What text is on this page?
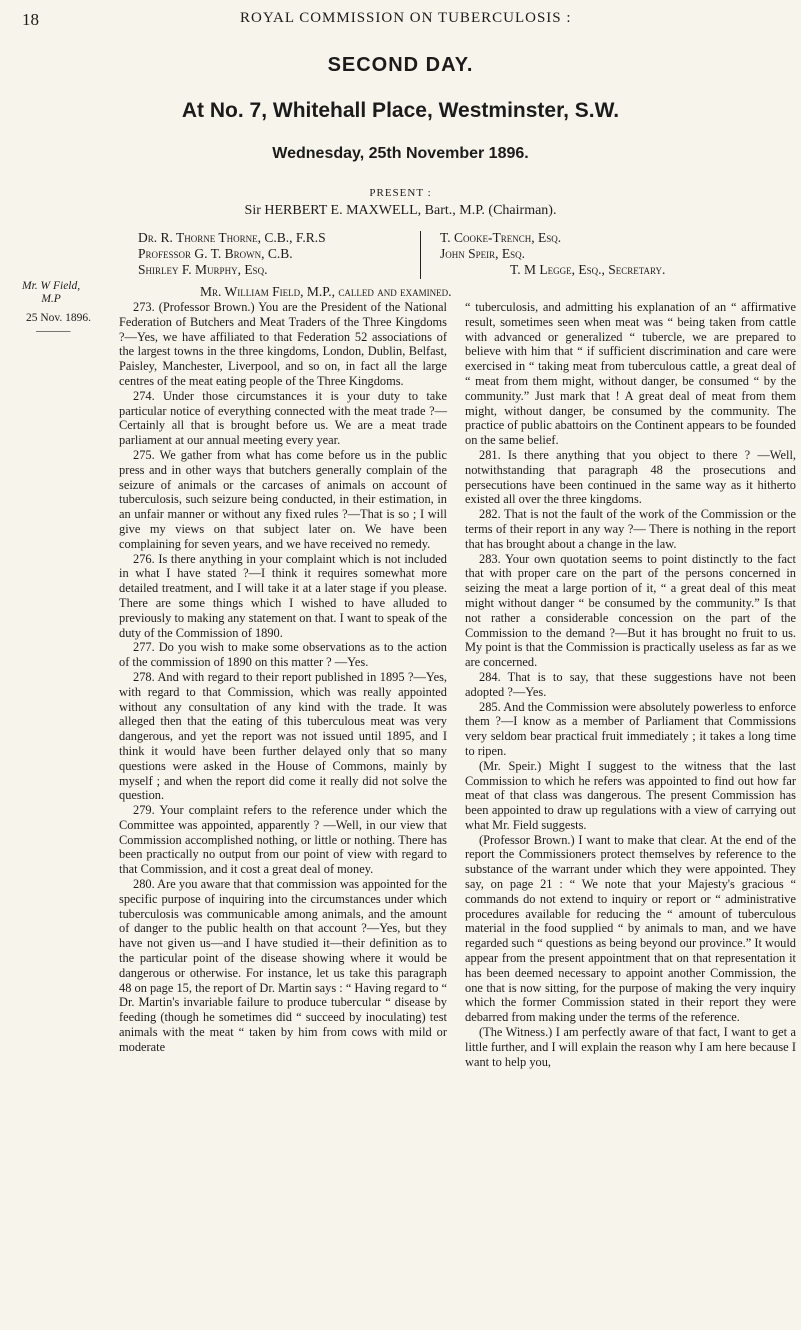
18	ROYAL COMMISSION ON TUBERCULOSIS :
SECOND DAY.
At No. 7, Whitehall Place, Westminster, S.W.
Wednesday, 25th November 1896.
PRESENT :
Sir HERBERT E. MAXWELL, Bart., M.P. (Chairman).
Dr. R. Thorne Thorne, C.B., F.R.S
Professor G. T. Brown, C.B.
Shirley F. Murphy, Esq.
T. Cooke-Trench, Esq.
John Speir, Esq.
T. M Legge, Esq., Secretary.
Mr. William Field, M.P., called and examined.
Mr. W Field,
M.P
25 Nov. 1896.
———

273. (Professor Brown.) You are the President of the National Federation of Butchers and Meat Traders of the Three Kingdoms ?—Yes, we have affiliated to that Federation 52 associations of the largest towns in the three kingdoms, London, Dublin, Belfast, Paisley, Manchester, Liverpool, and so on, in fact all the large centres of the meat eating people of the Three Kingdoms.

274. Under those circumstances it is your duty to take particular notice of everything connected with the meat trade ?—Certainly all that is brought before us. We are a meat trade parliament at our annual meeting every year.

275. We gather from what has come before us in the public press and in other ways that butchers generally complain of the seizure of animals or the carcases of animals on account of tuberculosis, such seizure being conducted, in their estimation, in an unfair manner or without any fixed rules ?—That is so ; I will give my views on that subject later on. We have been complaining for seven years, and we have received no remedy.

276. Is there anything in your complaint which is not included in what I have stated ?—I think it requires somewhat more detailed treatment, and I will take it at a later stage if you please. There are some things which I wished to have alluded to previously to making any statement on that. I want to speak of the duty of the Commission of 1890.

277. Do you wish to make some observations as to the action of the commission of 1890 on this matter ? —Yes.

278. And with regard to their report published in 1895 ?—Yes, with regard to that Commission, which was really appointed without any consultation of any kind with the trade. It was alleged then that the eating of this tuberculous meat was very dangerous, and yet the report was not issued until 1895, and I think it would have been further delayed only that so many questions were asked in the House of Commons, mainly by myself ; and when the report did come it really did not solve the question.

279. Your complaint refers to the reference under which the Committee was appointed, apparently ? —Well, in our view that Commission accomplished nothing, or little or nothing. There has been practically no output from our point of view with regard to that Commission, and it cost a great deal of money.

280. Are you aware that that commission was appointed for the specific purpose of inquiring into the circumstances under which tuberculosis was communicable among animals, and the amount of danger to the public health on that account ?—Yes, but they have not given us—and I have studied it—their definition as to the particular point of the disease showing where it would be dangerous or otherwise. For instance, let us take this paragraph 48 on page 15, the report of Dr. Martin says : “ Having regard to “ Dr. Martin's invariable failure to produce tubercular “ disease by feeding (though he sometimes did “ succeed by inoculating) test animals with the meat “ taken by him from cows with mild or moderate

“ tuberculosis, and admitting his explanation of an “ affirmative result, sometimes seen when meat was “ being taken from cattle with advanced or generalized “ tubercle, we are prepared to believe with him that “ if sufficient discrimination and care were exercised in “ taking meat from tuberculous cattle, a great deal of “ meat from them might, without danger, be consumed “ by the community.” Just mark that ! A great deal of meat from them might, without danger, be consumed by the community. The practice of public abattoirs on the Continent appears to be founded on the same belief.

281. Is there anything that you object to there ? —Well, notwithstanding that paragraph 48 the prosecutions and persecutions have been continued in the same way as it hitherto existed all over the three kingdoms.

282. That is not the fault of the work of the Commission or the terms of their report in any way ?— There is nothing in the report that has brought about a change in the law.

283. Your own quotation seems to point distinctly to the fact that with proper care on the part of the persons concerned in seizing the meat a large portion of it, “ a great deal of this meat might without danger “ be consumed by the community.” Is that not rather a considerable concession on the part of the Commission to the demand ?—But it has brought no fruit to us. My point is that the Commission is practically useless as far as we are concerned.

284. That is to say, that these suggestions have not been adopted ?—Yes.

285. And the Commission were absolutely powerless to enforce them ?—I know as a member of Parliament that Commissions very seldom bear practical fruit immediately ; it takes a long time to ripen.

(Mr. Speir.) Might I suggest to the witness that the last Commission to which he refers was appointed to find out how far meat of that class was dangerous. The present Commission has been appointed to draw up regulations with a view of carrying out what Mr. Field suggests.

(Professor Brown.) I want to make that clear. At the end of the report the Commissioners protect themselves by reference to the substance of the warrant under which they were appointed. They say, on page 21 : “ We note that your Majesty's gracious “ commands do not extend to inquiry or report or “ administrative procedures available for reducing the “ amount of tuberculous material in the food supplied “ by animals to man, and we have regarded such “ questions as being beyond our province.” It would appear from the present appointment that on that representation it has been deemed necessary to appoint another Commission, the one that is now sitting, for the purpose of making the very inquiry which the former Commission stated in their report they were debarred from making under the terms of the reference.

(The Witness.) I am perfectly aware of that fact, I want to get a little further, and I will explain the reason why I am here because I want to help you,
